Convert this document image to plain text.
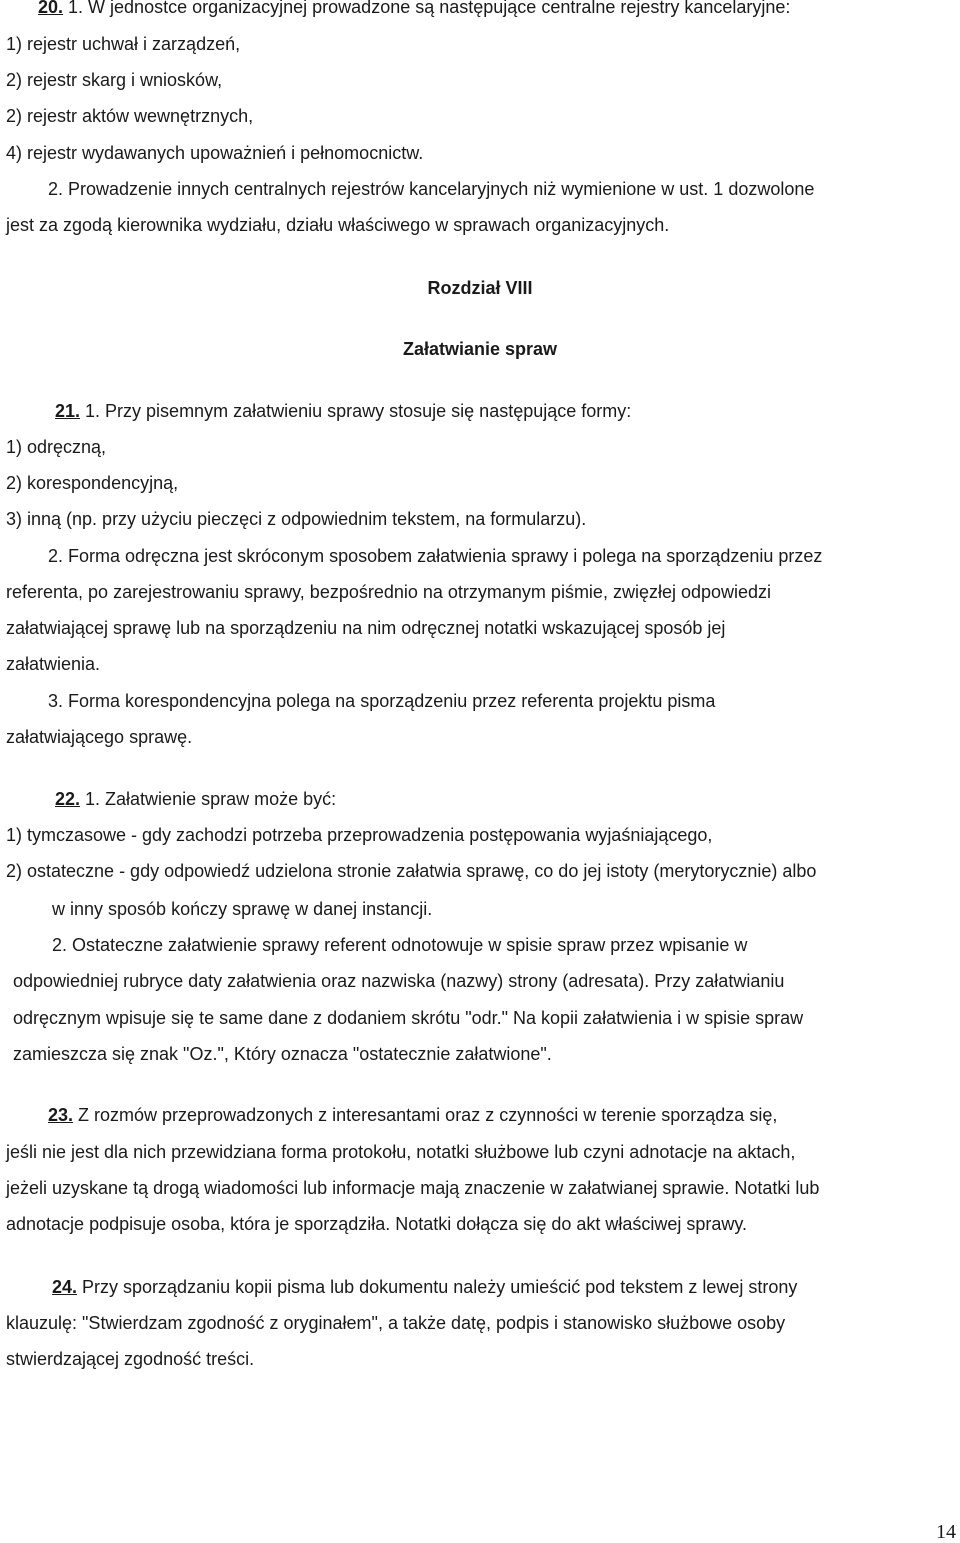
20. 1. W jednostce organizacyjnej prowadzone są następujące centralne rejestry kancelaryjne:
1) rejestr uchwał i zarządzeń,
2) rejestr skarg i wniosków,
2) rejestr aktów wewnętrznych,
4) rejestr wydawanych upoważnień i pełnomocnictw.
2. Prowadzenie innych centralnych rejestrów kancelaryjnych niż wymienione w ust. 1 dozwolone
jest za zgodą kierownika wydziału, działu właściwego w sprawach organizacyjnych.
Rozdział VIII
Załatwianie spraw
21. 1. Przy pisemnym załatwieniu sprawy stosuje się następujące formy:
1) odręczną,
2) korespondencyjną,
3) inną (np. przy użyciu pieczęci z odpowiednim tekstem, na formularzu).
2. Forma odręczna jest skróconym sposobem załatwienia sprawy i polega na sporządzeniu przez
referenta, po zarejestrowaniu sprawy, bezpośrednio na otrzymanym piśmie, zwięzłej odpowiedzi
załatwiającej sprawę lub na sporządzeniu na nim odręcznej notatki wskazującej sposób jej
załatwienia.
3. Forma korespondencyjna polega na sporządzeniu przez referenta projektu pisma
załatwiającego sprawę.
22. 1. Załatwienie spraw może być:
1) tymczasowe - gdy zachodzi potrzeba przeprowadzenia postępowania wyjaśniającego,
2) ostateczne - gdy odpowiedź udzielona stronie załatwia sprawę, co do jej istoty (merytorycznie) albo
w inny sposób kończy sprawę w danej instancji.
2. Ostateczne załatwienie sprawy referent odnotowuje w spisie spraw przez wpisanie w
odpowiedniej rubryce daty załatwienia oraz nazwiska (nazwy) strony (adresata). Przy załatwianiu
odręcznym wpisuje się te same dane z dodaniem skrótu "odr." Na kopii załatwienia i w spisie spraw
zamieszcza się znak "Oz.", Który oznacza "ostatecznie załatwione".
23. Z rozmów przeprowadzonych z interesantami oraz z czynności w terenie sporządza się,
jeśli nie jest dla nich przewidziana forma protokołu, notatki służbowe lub czyni adnotacje na aktach,
jeżeli uzyskane tą drogą wiadomości lub informacje mają znaczenie w załatwianej sprawie. Notatki lub
adnotacje podpisuje osoba, która je sporządziła. Notatki dołącza się do akt właściwej sprawy.
24. Przy sporządzaniu kopii pisma lub dokumentu należy umieścić pod tekstem z lewej strony
klauzulę: "Stwierdzam zgodność z oryginałem", a także datę, podpis i stanowisko służbowe osoby
stwierdzającej zgodność treści.
14
